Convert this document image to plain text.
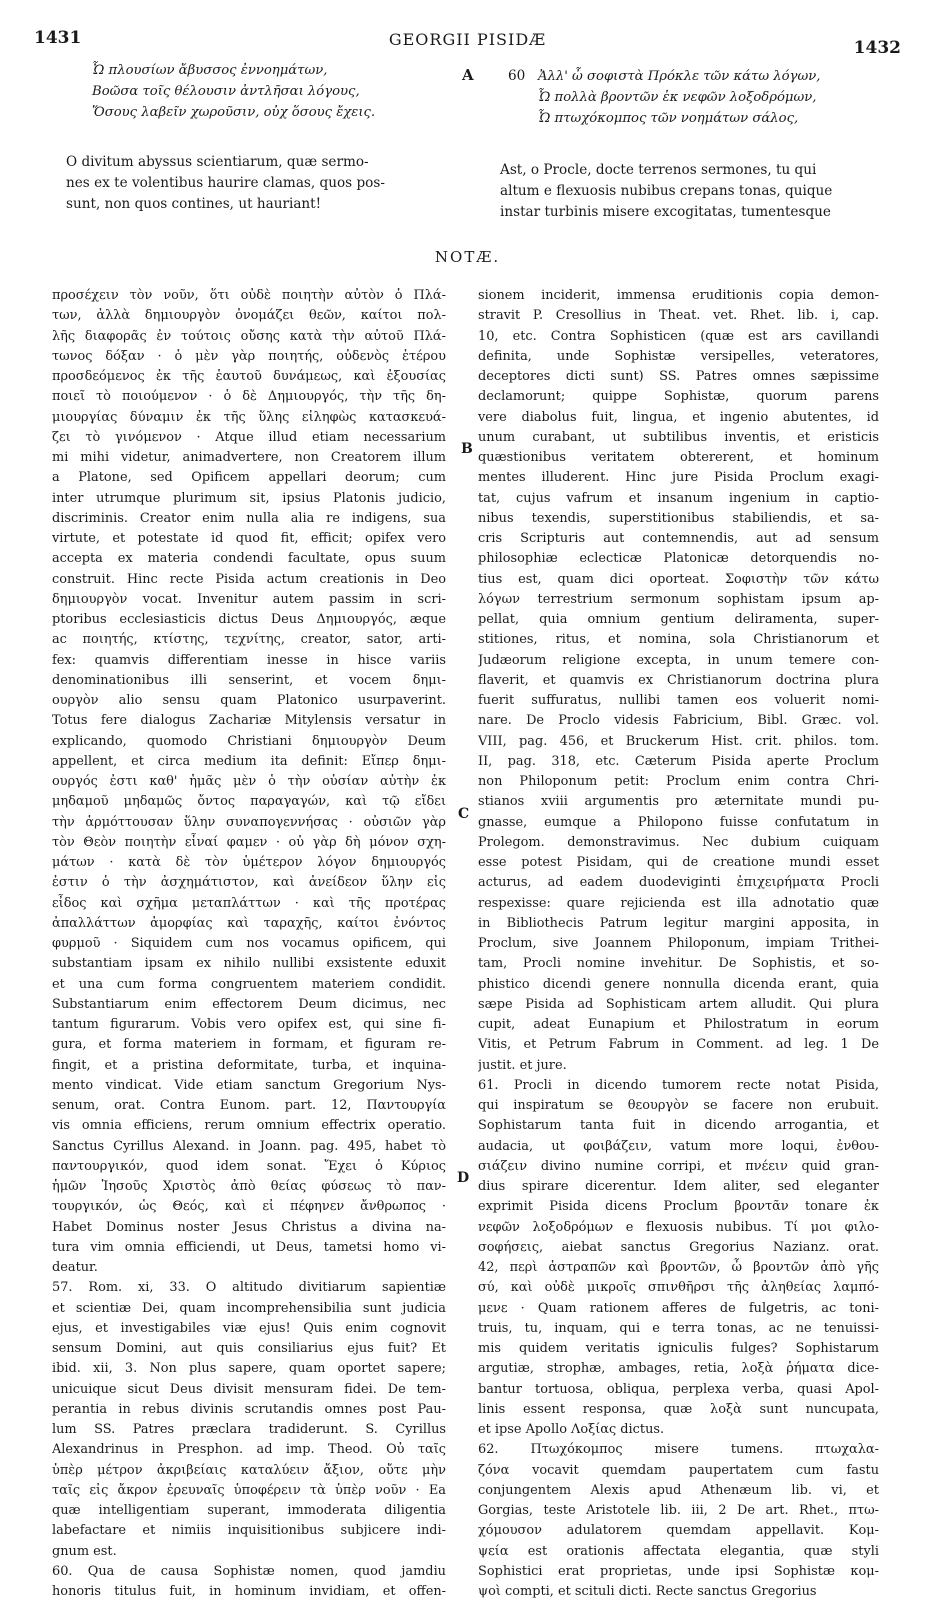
1431	GEORGII PISIDÆ	1432
Ὦ πλουσίων ἄβυσσος ἐννοημάτων,
Βοῶσα τοῖς θέλουσιν ἀντλῆσαι λόγους,
Ὅσους λαβεῖν χωροῦσιν, οὐχ ὅσους ἔχεις.
A	60 Ἀλλ' ὦ σοφιστὰ Πρόκλε τῶν κάτω λόγων,
Ὦ πολλὰ βροντῶν ἐκ νεφῶν λοξοδρόμων,
Ὦ πτωχόκομπος τῶν νοημάτων σάλος,
O divitum abyssus scientiarum, quæ sermo-
nes ex te volentibus haurire clamas, quos pos-
sunt, non quos contines, ut hauriant!
Ast, o Procle, docte terrenos sermones, tu qui
altum e flexuosis nubibus crepans tonas, quique
instar turbinis misere excogitatas, tumentesque
NOTÆ.
προσέχειν τὸν νοῦν, ὅτι οὐδὲ ποιητὴν αὐτὸν ὁ Πλά-
των, ἀλλὰ δημιουργὸν ὀνομάζει θεῶν, καίτοι πολ-
λῆς διαφορᾶς ἐν τούτοις οὔσης κατὰ τὴν αὐτοῦ Πλά-
τωνος δόξαν · ὁ μὲν γὰρ ποιητής, οὐδενὸς ἑτέρου
προσδεόμενος ἐκ τῆς ἑαυτοῦ δυνάμεως, καὶ ἐξουσίας
ποιεῖ τὸ ποιούμενον · ὁ δὲ Δημιουργός, τὴν τῆς δη-
μιουργίας δύναμιν ἐκ τῆς ὕλης εἰληφὼς κατασκευά-
ζει τὸ γινόμενον · Atque illud etiam necessarium
mi mihi videtur, animadvertere, non Creatorem illum
a Platone, sed Opificem appellari deorum; cum
inter utrumque plurimum sit, ipsius Platonis judicio,
discriminis. Creator enim nulla alia re indigens, sua
virtute, et potestate id quod fit, efficit; opifex vero
accepta ex materia condendi facultate, opus suum
construit. Hinc recte Pisida actum creationis in Deo
δημιουργὸν vocat. Invenitur autem passim in scri-
ptoribus ecclesiasticis dictus Deus Δημιουργός, æque
ac ποιητής, κτίστης, τεχνίτης, creator, sator, arti-
fex: quamvis differentiam inesse in hisce variis
denominationibus illi senserint, et vocem δημι-
ουργὸν alio sensu quam Platonico usurpaverint.
Totus fere dialogus Zachariæ Mitylensis versatur in
explicando, quomodo Christiani δημιουργὸν Deum
appellent, et circa medium ita definit: Εἴπερ δημι-
ουργός ἐστι καθ' ἡμᾶς μὲν ὁ τὴν οὐσίαν αὐτὴν ἐκ
μηδαμοῦ μηδαμῶς ὄντος παραγαγών, καὶ τῷ εἴδει
τὴν ἁρμόττουσαν ὕλην συναπογεννήσας · οὐσιῶν γὰρ
τὸν Θεὸν ποιητὴν εἶναί φαμεν · οὐ γὰρ δὴ μόνον σχη-
μάτων · κατὰ δὲ τὸν ὑμέτερον λόγον δημιουργός
ἐστιν ὁ τὴν ἀσχημάτιστον, καὶ ἀνείδεον ὕλην εἰς
εἶδος καὶ σχῆμα μεταπλάττων · καὶ τῆς προτέρας
ἀπαλλάττων ἀμορφίας καὶ ταραχῆς, καίτοι ἐνόντος
φυρμοῦ · Siquidem cum nos vocamus opificem, qui
substantiam ipsam ex nihilo nullibi exsistente eduxit
et una cum forma congruentem materiem condidit.
Substantiarum enim effectorem Deum dicimus, nec
tantum figurarum. Vobis vero opifex est, qui sine fi-
gura, et forma materiem in formam, et figuram re-
fingit, et a pristina deformitate, turba, et inquina-
mento vindicat. Vide etiam sanctum Gregorium Nys-
senum, orat. Contra Eunom. part. 12, Παντουργία
vis omnia efficiens, rerum omnium effectrix operatio.
Sanctus Cyrillus Alexand. in Joann. pag. 495, habet τὸ
παντουργικόν, quod idem sonat. Ἔχει ὁ Κύριος
ἡμῶν Ἰησοῦς Χριστὸς ἀπὸ θείας φύσεως τὸ παν-
τουργικόν, ὡς Θεός, καὶ εἰ πέφηνεν ἄνθρωπος ·
Habet Dominus noster Jesus Christus a divina na-
tura vim omnia efficiendi, ut Deus, tametsi homo vi-
deatur.
57. Rom. xi, 33. O altitudo divitiarum sapientiæ
et scientiæ Dei, quam incomprehensibilia sunt judicia
ejus, et investigabiles viæ ejus! Quis enim cognovit
sensum Domini, aut quis consiliarius ejus fuit? Et
ibid. xii, 3. Non plus sapere, quam oportet sapere;
unicuique sicut Deus divisit mensuram fidei. De tem-
perantia in rebus divinis scrutandis omnes post Pau-
lum SS. Patres præclara tradiderunt. S. Cyrillus
Alexandrinus in Presphon. ad imp. Theod. Οὐ ταῖς
ὑπὲρ μέτρον ἀκριβείαις καταλύειν ἄξιον, οὔτε μὴν
ταῖς εἰς ἄκρον ἐρευναῖς ὑποφέρειν τὰ ὑπὲρ νοῦν · Ea
quæ intelligentiam superant, immoderata diligentia
labefactare et nimiis inquisitionibus subjicere indi-
gnum est.
60. Qua de causa Sophistæ nomen, quod jamdiu
honoris titulus fuit, in hominum invidiam, et offen-
sionem inciderit, immensa eruditionis copia demon-
stravit P. Cresollius in Theat. vet. Rhet. lib. i, cap.
10, etc. Contra Sophisticen (quæ est ars cavillandi
definita, unde Sophistæ versipelles, veteratores,
deceptores dicti sunt) SS. Patres omnes sæpissime
declamorunt; quippe Sophistæ, quorum parens
vere diabolus fuit, lingua, et ingenio abutentes, id
unum curabant, ut subtilibus inventis, et eristicis
quæstionibus veritatem obtererent, et hominum
mentes illuderent. Hinc jure Pisida Proclum exagi-
tat, cujus vafrum et insanum ingenium in captio-
nibus texendis, superstitionibus stabiliendis, et sa-
cris Scripturis aut contemnendis, aut ad sensum
philosophiæ eclecticæ Platonicæ detorquendis no-
tius est, quam dici oporteat. Σοφιστὴν τῶν κάτω
λόγων terrestrium sermonum sophistam ipsum ap-
pellat, quia omnium gentium deliramenta, super-
stitiones, ritus, et nomina, sola Christianorum et
Judæorum religione excepta, in unum temere con-
flaverit, et quamvis ex Christianorum doctrina plura
fuerit suffuratus, nullibi tamen eos voluerit nomi-
nare. De Proclo videsis Fabricium, Bibl. Græc. vol.
VIII, pag. 456, et Bruckerum Hist. crit. philos. tom.
II, pag. 318, etc. Cæterum Pisida aperte Proclum
non Philoponum petit: Proclum enim contra Chri-
stianos xviii argumentis pro æternitate mundi pu-
gnasse, eumque a Philopono fuisse confutatum in
Prolegom. demonstravimus. Nec dubium cuiquam
esse potest Pisidam, qui de creatione mundi esset
acturus, ad eadem duodeviginti ἐπιχειρήματα Procli
respexisse: quare rejicienda est illa adnotatio quæ
in Bibliothecis Patrum legitur margini apposita, in
Proclum, sive Joannem Philoponum, impiam Trithei-
tam, Procli nomine invehitur. De Sophistis, et so-
phistico dicendi genere nonnulla dicenda erant, quia
sæpe Pisida ad Sophisticam artem alludit. Qui plura
cupit, adeat Eunapium et Philostratum in eorum
Vitis, et Petrum Fabrum in Comment. ad leg. 1 De
justit. et jure.
61. Procli in dicendo tumorem recte notat Pisida,
qui inspiratum se θεουργὸν se facere non erubuit.
Sophistarum tanta fuit in dicendo arrogantia, et
audacia, ut φοιβάζειν, vatum more loqui, ἐνθου-
σιάζειν divino numine corripi, et πνέειν quid gran-
dius spirare dicerentur. Idem aliter, sed eleganter
exprimit Pisida dicens Proclum βροντᾶν tonare ἐκ
νεφῶν λοξοδρόμων e flexuosis nubibus. Τί μοι φιλο-
σοφήσεις, aiebat sanctus Gregorius Nazianz. orat.
42, περὶ ἀστραπῶν καὶ βροντῶν, ὦ βροντῶν ἀπὸ γῆς
σύ, καὶ οὐδὲ μικροῖς σπινθῆρσι τῆς ἀληθείας λαμπό-
μενε · Quam rationem afferes de fulgetris, ac toni-
truis, tu, inquam, qui e terra tonas, ac ne tenuissi-
mis quidem veritatis igniculis fulges? Sophistarum
argutiæ, strophæ, ambages, retia, λοξὰ ῥήματα dice-
bantur tortuosa, obliqua, perplexa verba, quasi Apol-
linis essent responsa, quæ λοξὰ sunt nuncupata,
et ipse Apollo Λοξίας dictus.
62. Πτωχόκομπος misere tumens. πτωχαλα-
ζόνα vocavit quemdam paupertatem cum fastu
conjungentem Alexis apud Athenæum lib. vi, et
Gorgias, teste Aristotele lib. iii, 2 De art. Rhet., πτω-
χόμουσον adulatorem quemdam appellavit. Κομ-
ψεία est orationis affectata elegantia, quæ styli
Sophistici erat proprietas, unde ipsi Sophistæ κομ-
ψοὶ compti, et scituli dicti. Recte sanctus Gregorius
B
C
D
